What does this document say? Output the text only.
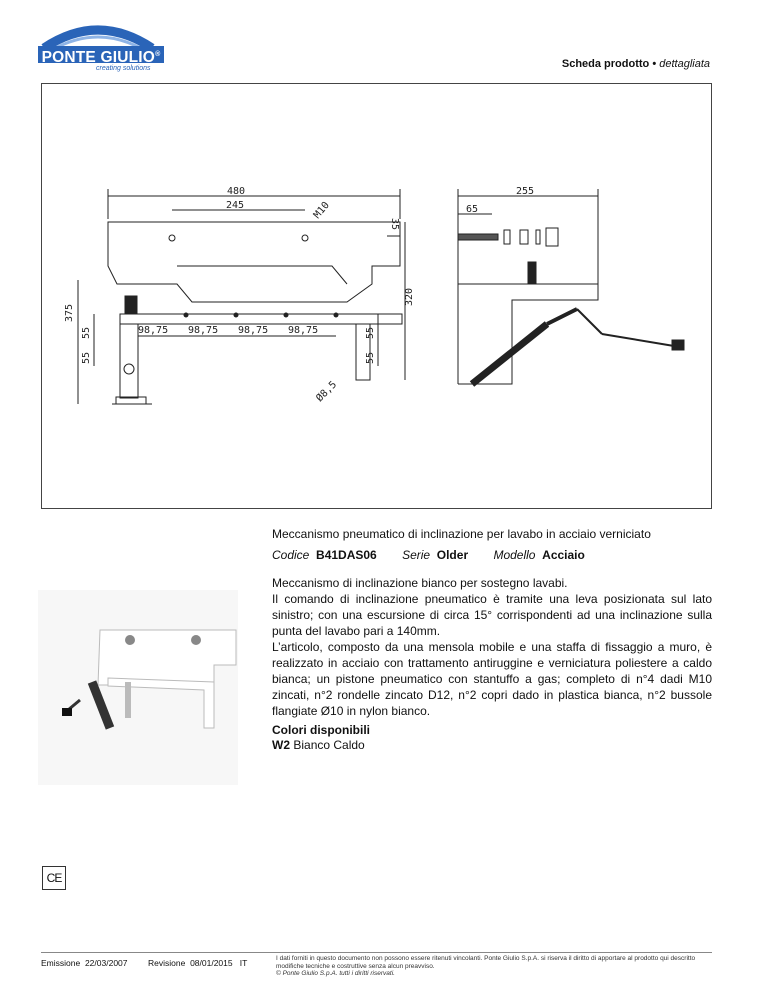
PONTE GIULIO®
creating solutions	Scheda prodotto • dettagliata
480
245	M10
35
320
98,75 98,75 98,75 98,75
375
55
55
55
55
Ø8,5
255
65
Meccanismo pneumatico di inclinazione per lavabo in acciaio verniciato
Codice B41DAS06 Serie Older Modello Acciaio

Meccanismo di inclinazione bianco per sostegno lavabi.

Il comando di inclinazione pneumatico è tramite una leva posizionata sul lato sinistro; con una escursione di circa 15° corrispondenti ad una inclinazione sulla punta del lavabo pari a 140mm.

L’articolo, composto da una mensola mobile e una staffa di fissaggio a muro, è realizzato in acciaio con trattamento antiruggine e verniciatura poliestere a caldo bianca; un pistone pneumatico con stantuffo a gas; completo di n°4 dadi M10 zincati, n°2 rondelle zincato D12, n°2 copri dado in plastica bianca, n°2 bussole flangiate Ø10 in nylon bianco.

Colori disponibili
W2 Bianco Caldo
CE
Emissione 22/03/2007 Revisione 08/01/2015 IT	I dati forniti in questo documento non possono essere ritenuti vincolanti. Ponte Giulio S.p.A. si riserva il diritto di apportare al prodotto qui descritto modifiche tecniche e costruttive senza alcun preavviso.
© Ponte Giulio S.p.A. tutti i diritti riservati.
